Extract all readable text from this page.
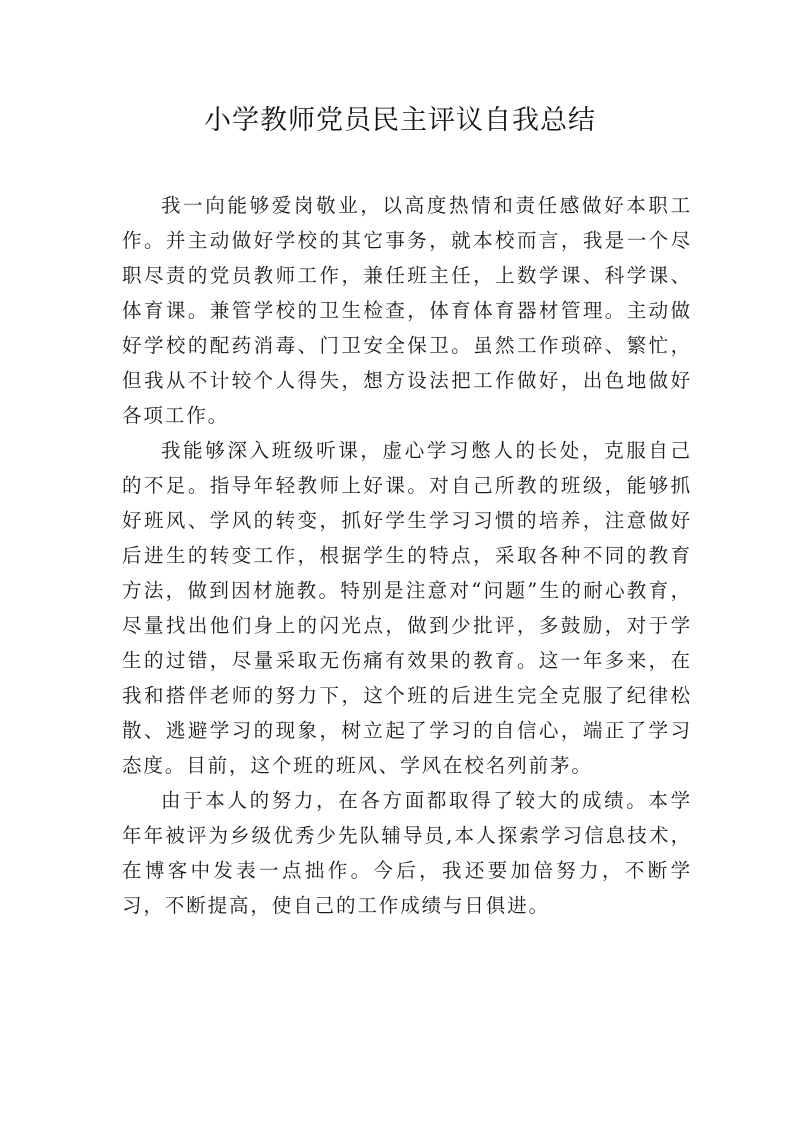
小学教师党员民主评议自我总结

我一向能够爱岗敬业，以高度热情和责任感做好本职工作。并主动做好学校的其它事务，就本校而言，我是一个尽职尽责的党员教师工作，兼任班主任，上数学课、科学课、体育课。兼管学校的卫生检查，体育体育器材管理。主动做好学校的配药消毒、门卫安全保卫。虽然工作琐碎、繁忙，但我从不计较个人得失，想方设法把工作做好，出色地做好各项工作。

我能够深入班级听课，虚心学习憋人的长处，克服自己的不足。指导年轻教师上好课。对自己所教的班级，能够抓好班风、学风的转变，抓好学生学习习惯的培养，注意做好后进生的转变工作，根据学生的特点，采取各种不同的教育方法，做到因材施教。特别是注意对“问题”生的耐心教育，尽量找出他们身上的闪光点，做到少批评，多鼓励，对于学生的过错，尽量采取无伤痛有效果的教育。这一年多来，在我和搭伴老师的努力下，这个班的后进生完全克服了纪律松散、逃避学习的现象，树立起了学习的自信心，端正了学习态度。目前，这个班的班风、学风在校名列前茅。

由于本人的努力，在各方面都取得了较大的成绩。本学年年被评为乡级优秀少先队辅导员,本人探索学习信息技术，在博客中发表一点拙作。今后，我还要加倍努力，不断学习，不断提高，使自己的工作成绩与日俱进。
